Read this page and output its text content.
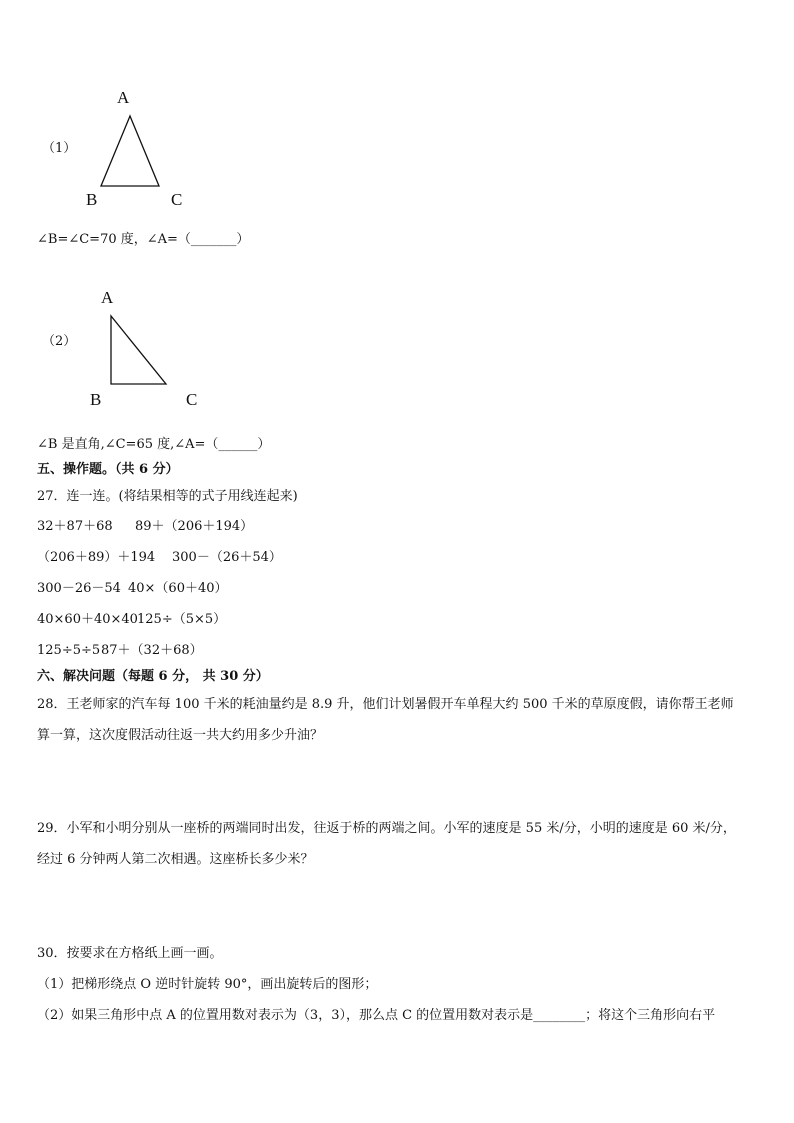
（1）
A
B	C
∠B=∠C=70 度，∠A=（_______）
（2）
A
B	C
∠B 是直角,∠C=65 度,∠A=（______）
五、操作题。（共 6 分）
27．连一连。(将结果相等的式子用线连起来)
32＋87＋68 89＋（206＋194）
（206＋89）＋194 300－（26＋54）
300－26－54 40×（60＋40）
40×60＋40×40 125÷（5×5）
125÷5÷5 87＋（32＋68）
六、解决问题（每题 6 分， 共 30 分）
28．王老师家的汽车每 100 千米的耗油量约是 8.9 升，他们计划暑假开车单程大约 500 千米的草原度假，请你帮王老师
算一算，这次度假活动往返一共大约用多少升油？
29．小军和小明分别从一座桥的两端同时出发，往返于桥的两端之间。小军的速度是 55 米/分，小明的速度是 60 米/分，
经过 6 分钟两人第二次相遇。这座桥长多少米？
30．按要求在方格纸上画一画。
（1）把梯形绕点 O 逆时针旋转 90°，画出旋转后的图形；
（2）如果三角形中点 A 的位置用数对表示为（3，3），那么点 C 的位置用数对表示是________；将这个三角形向右平
